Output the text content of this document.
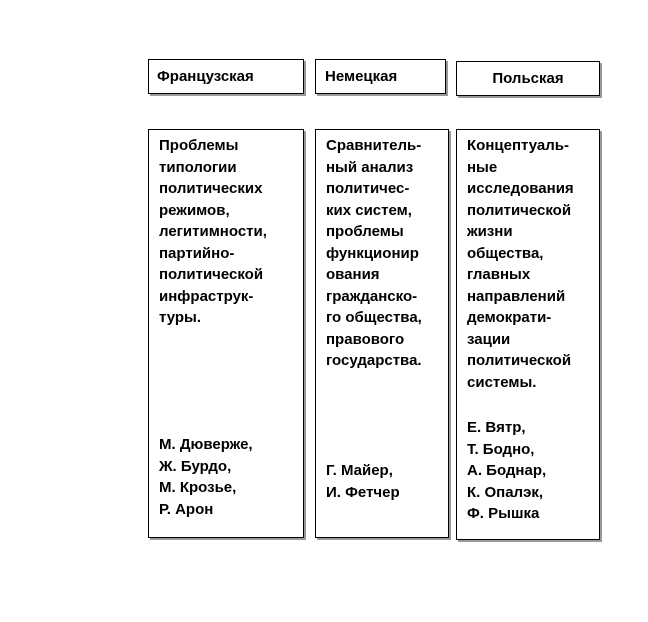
Французская
Проблемы
типологии
политических
режимов,
легитимности,
партийно-
политической
инфраструк-
туры.
М. Дюверже,
Ж. Бурдо,
М. Крозье,
Р. Арон
Немецкая
Сравнитель-
ный анализ
политичес-
ких систем,
проблемы
функционир
ования
гражданско-
го общества,
правового
государства.
Г. Майер,
И. Фетчер
Польская
Концептуаль-
ные
исследования
политической
жизни
общества,
главных
направлений
демократи-
зации
политической
системы.
Е. Вятр,
Т. Бодно,
А. Боднар,
К. Опалэк,
Ф. Рышка
